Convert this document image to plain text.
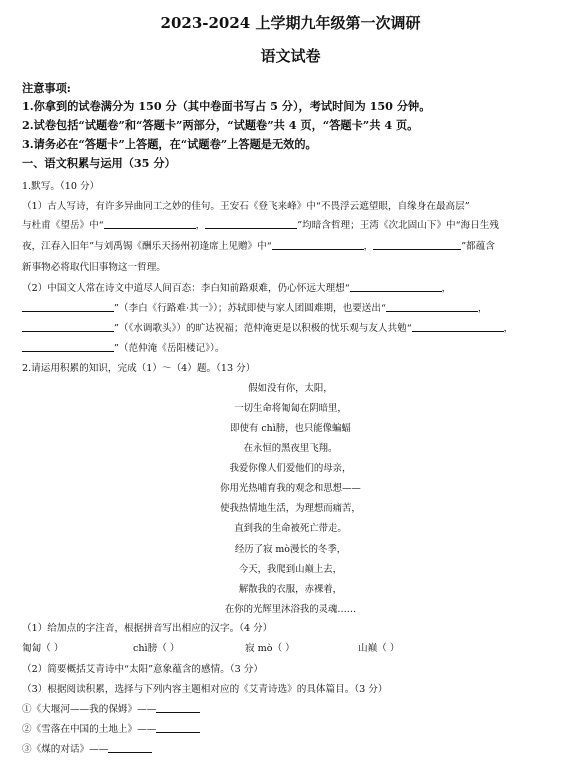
2023-2024 上学期九年级第一次调研
语文试卷
注意事项:
1.你拿到的试卷满分为 150 分（其中卷面书写占 5 分），考试时间为 150 分钟。
2.试卷包括“试题卷”和“答题卡”两部分，“试题卷”共 4 页，“答题卡”共 4 页。
3.请务必在“答题卡”上答题，在“试题卷”上答题是无效的。
一、语文积累与运用（35 分）
1.默写。（10 分）
（1）古人写诗，有许多异曲同工之妙的佳句。王安石《登飞来峰》中“不畏浮云遮望眼，自缘身在最高层”
与杜甫《望岳》中“	，	”均暗含哲理；王湾《次北固山下》中“海日生残
夜，江春入旧年”与刘禹锡《酬乐天扬州初逢席上见赠》中“	，	”都蕴含
新事物必将取代旧事物这一哲理。
（2）中国文人常在诗文中道尽人间百态：李白知前路艰难，仍心怀远大理想“	，
”（李白《行路难·其一》）；苏轼即使与家人团圆难期，也要送出“	，
”（《水调歌头》）的旷达祝福；范仲淹更是以积极的忧乐观与友人共勉“	，
”（范仲淹《岳阳楼记》）。
2.请运用积累的知识，完成（1）～（4）题。（13 分）
假如没有你，太阳，
一切生命将匍匐在阴暗里，
即使有 chì膀，也只能像蝙蝠
在永恒的黑夜里飞翔。
我爱你像人们爱他们的母亲，
你用光热哺育我的观念和思想——
使我热情地生活，为理想而痛苦，
直到我的生命被死亡带走。
经历了寂 mò漫长的冬季，
今天，我爬到山巅上去，
解散我的衣服，赤裸着，
在你的光辉里沐浴我的灵魂……
（1）给加点的字注音，根据拼音写出相应的汉字。（4 分）
匍匐（ ）	chì膀（ ）	寂 mò（ ）	山巅（ ）
（2）简要概括艾青诗中“太阳”意象蕴含的感情。（3 分）
（3）根据阅读积累，选择与下列内容主题相对应的《艾青诗选》的具体篇目。（3 分）
①《大堰河——我的保姆》——
②《雪落在中国的土地上》——
③《煤的对话》——
